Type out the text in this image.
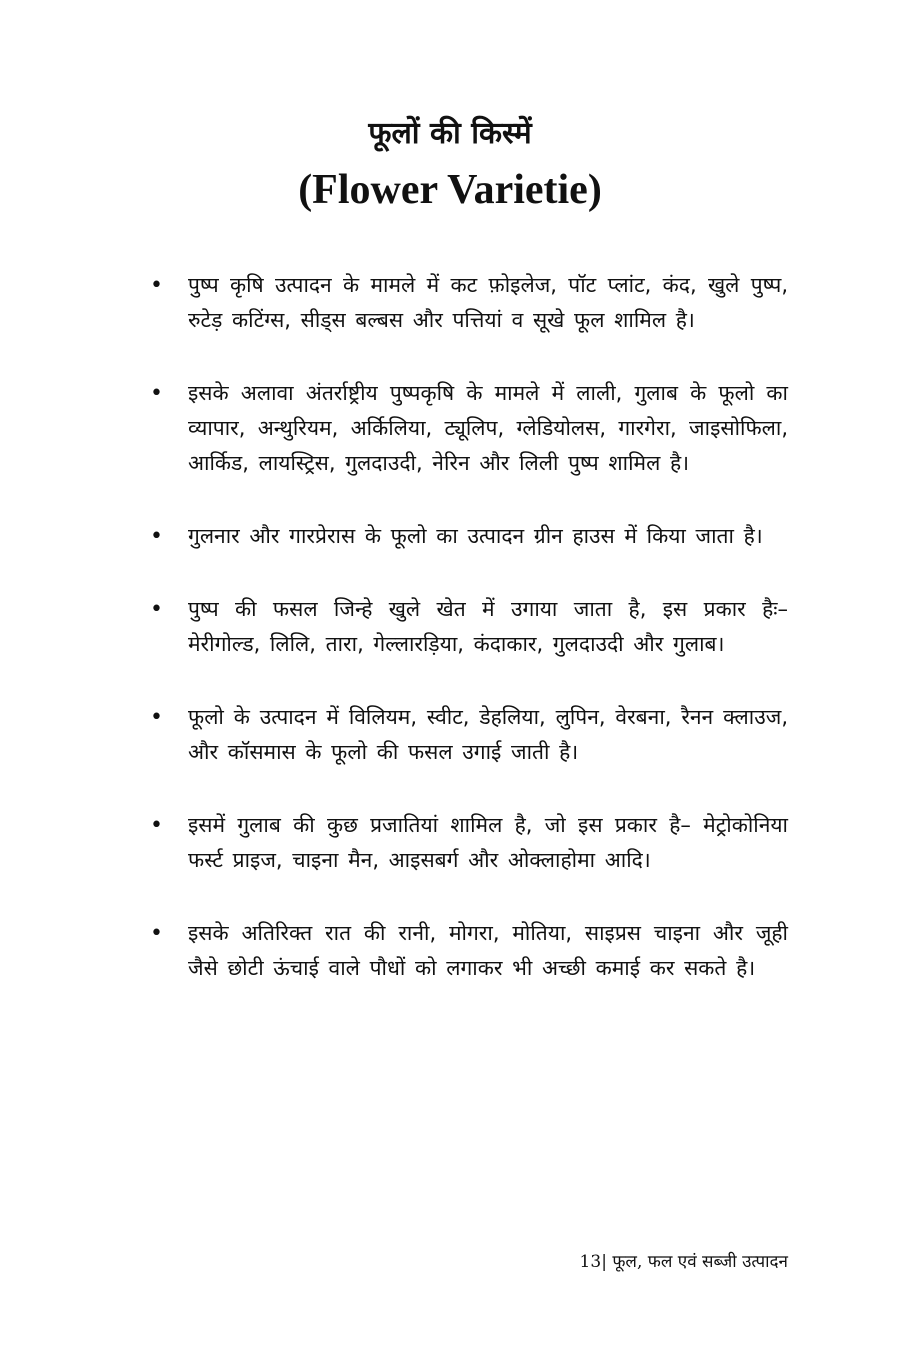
फूलों की किस्में
(Flower Varietie)
• पुष्प कृषि उत्पादन के मामले में कट फ़ोइलेज, पॉट प्लांट, कंद, खुले पुष्प, रुटेड़ कटिंग्स, सीड्स बल्बस और पत्तियां व सूखे फूल शामिल है।
• इसके अलावा अंतर्राष्ट्रीय पुष्पकृषि के मामले में लाली, गुलाब के फूलो का व्यापार, अन्थुरियम, अर्किलिया, ट्यूलिप, ग्लेडियोलस, गारगेरा, जाइसोफिला, आर्किड, लायस्ट्रिस, गुलदाउदी, नेरिन और लिली पुष्प शामिल है।
• गुलनार और गारप्रेरास के फूलो का उत्पादन ग्रीन हाउस में किया जाता है।
• पुष्प की फसल जिन्हे खुले खेत में उगाया जाता है, इस प्रकार हैः– मेरीगोल्ड, लिलि, तारा, गेल्लारड़िया, कंदाकार, गुलदाउदी और गुलाब।
• फूलो के उत्पादन में विलियम, स्वीट, डेहलिया, लुपिन, वेरबना, रैनन क्लाउज, और कॉसमास के फूलो की फसल उगाई जाती है।
• इसमें गुलाब की कुछ प्रजातियां शामिल है, जो इस प्रकार है– मेट्रोकोनिया फर्स्ट प्राइज, चाइना मैन, आइसबर्ग और ओक्लाहोमा आदि।
• इसके अतिरिक्त रात की रानी, मोगरा, मोतिया, साइप्रस चाइना और जूही जैसे छोटी ऊंचाई वाले पौधों को लगाकर भी अच्छी कमाई कर सकते है।
13| फूल, फल एवं सब्जी उत्पादन
